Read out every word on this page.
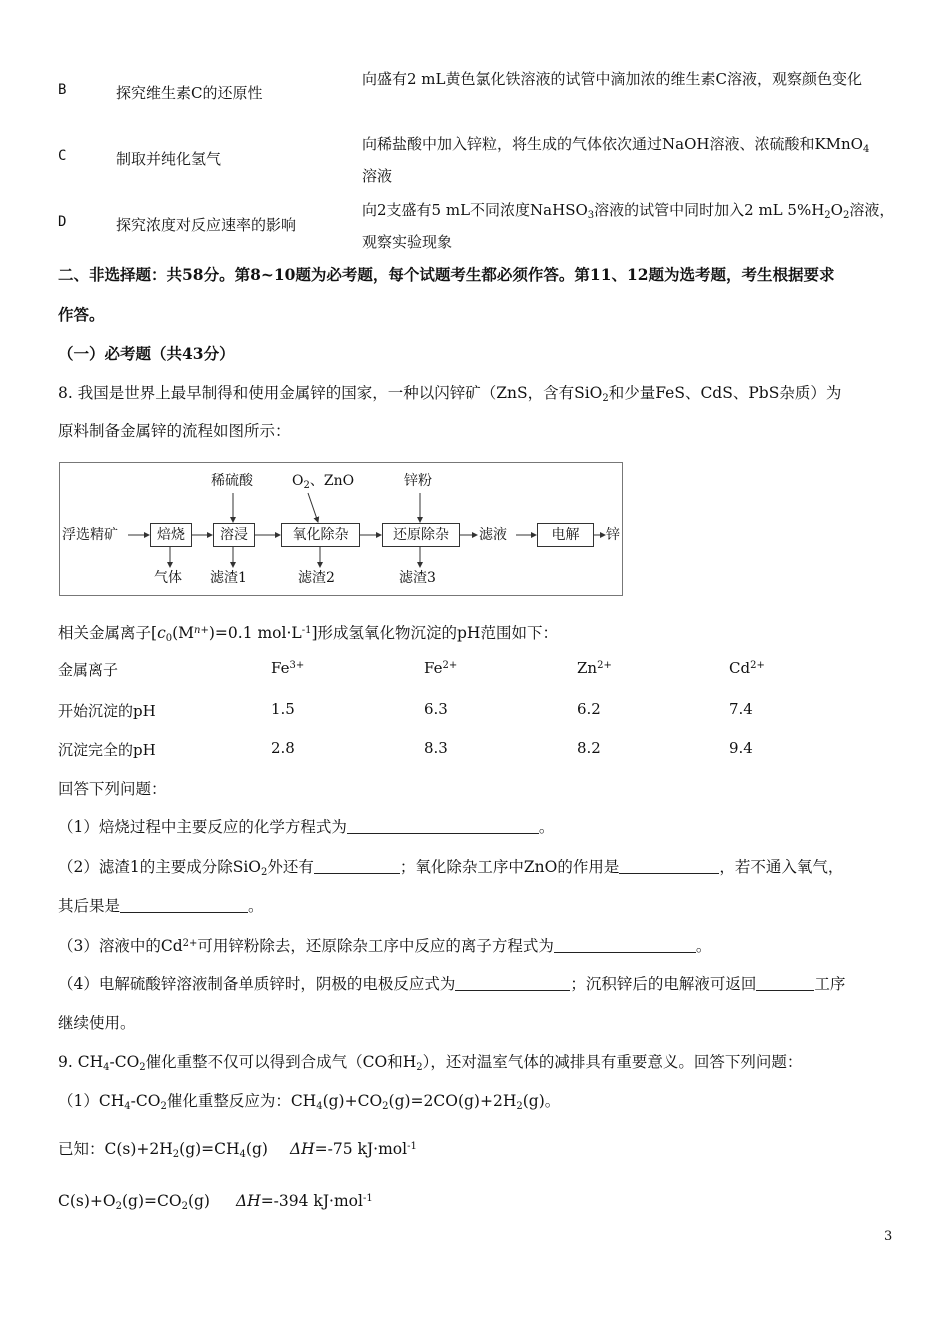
B	探究维生素C的还原性
向盛有2 mL黄色氯化铁溶液的试管中滴加浓的维生素C溶液，观察颜色变化
C	制取并纯化氢气
向稀盐酸中加入锌粒，将生成的气体依次通过NaOH溶液、浓硫酸和KMnO$_4$
溶液
D	探究浓度对反应速率的影响
向2支盛有5 mL不同浓度NaHSO$_3$溶液的试管中同时加入2 mL $5\%H_2O_2$溶液，观察实验现象
二、非选择题：共58分。第8~10题为必考题，每个试题考生都必须作答。第11、12题为选考题，考生根据要求
作答。
（一）必考题（共43分）
8. 我国是世界上最早制得和使用金属锌的国家，一种以闪锌矿（ZnS，含有SiO$_2$和少量FeS、CdS、PbS杂质）为
原料制备金属锌的流程如图所示：
浮选精矿	焙烧	溶浸	氧化除杂	还原除杂	滤液	电解	锌
稀硫酸	$O_2$、ZnO	锌粉
气体 滤渣1	滤渣2	滤渣3
相关金属离子[$c_0(M^{n+})=0.1$ $mol\cdot L^{-1}$]形成氢氧化物沉淀的pH范围如下：
金属离子	$Fe^{3+}$	$Fe^{2+}$	$Zn^{2+}$	$Cd^{2+}$
开始沉淀的pH	1.5	6.3	6.2	7.4
沉淀完全的pH	2.8	8.3	8.2	9.4
回答下列问题：
（1）焙烧过程中主要反应的化学方程式为	。
（2）滤渣1的主要成分除SiO$_2$外还有	；氧化除杂工序中ZnO的作用是	，若不通入氧气，
其后果是	。
（3）溶液中的$Cd^{2+}$可用锌粉除去，还原除杂工序中反应的离子方程式为	。
（4）电解硫酸锌溶液制备单质锌时，阴极的电极反应式为	；沉积锌后的电解液可返回	工序
继续使用。
9. $CH_4-CO_2$催化重整不仅可以得到合成气（CO和$H_2$），还对温室气体的减排具有重要意义。回答下列问题：
$(1)CH_4-CO_2$催化重整反应为：$CH_4(g)+CO_2(g)=2CO(g)+2H_2(g)$。
已知：$C(s)+2H_2(g)=CH_4(g)$ ΔH=-75 kJ·mol$^{-1}$
$C(s)+O_2(g)=CO_2(g)$ ΔH=-394 kJ·mol$^{-1}$
3
